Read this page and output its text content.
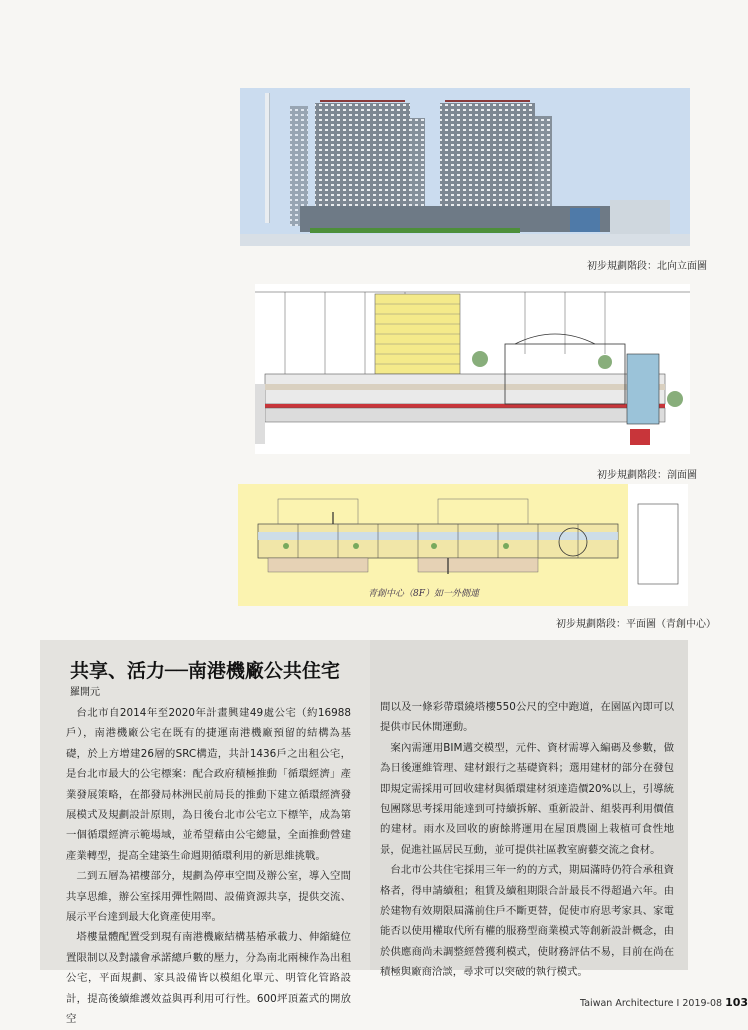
初步規劃階段：北向立面圖
初步規劃階段：剖面圖
青創中心（8F）如一外側連
初步規劃階段：平面圖（青創中心）
共享、活力──南港機廠公共住宅
羅開元

台北市自2014年至2020年計畫興建49處公宅（約16988戶），南港機廠公宅在既有的捷運南港機廠預留的結構為基礎，於上方增建26層的SRC構造，共計1436戶之出租公宅，是台北市最大的公宅標案：配合政府積極推動「循環經濟」產業發展策略，在都發局林洲民前局長的推動下建立循環經濟發展模式及規劃設計原則，為日後台北市公宅立下標竿，成為第一個循環經濟示範場域，並希望藉由公宅總量，全面推動營建產業轉型，提高全建築生命週期循環利用的新思維挑戰。

二到五層為裙樓部分，規劃為停車空間及辦公室，導入空間共享思維，辦公室採用彈性隔間、設備資源共享，提供交流、展示平台達到最大化資產使用率。

塔樓量體配置受到現有南港機廠結構基樁承載力、伸縮縫位置限制以及對議會承諾總戶數的壓力，分為南北兩棟作為出租公宅，平面規劃、家具設備皆以模組化單元、明管化管路設計，提高後續維護效益與再利用可行性。600坪頂蓋式的開放空

間以及一條彩帶環繞塔樓550公尺的空中跑道，在園區內即可以提供市民休閒運動。

案內需運用BIM邁交模型，元件、資材需導入編碼及參數，做為日後運維管理、建材銀行之基礎資料；選用建材的部分在發包即規定需採用可回收建材與循環建材須達造價20%以上，引導統包團隊思考採用能達到可持續拆解、重新設計、組裝再利用價值的建材。雨水及回收的廚餘將運用在屋頂農園上栽植可食性地景，促進社區居民互動，並可提供社區教室廚藝交流之食材。

台北市公共住宅採用三年一約的方式，期屆滿時仍符合承租資格者，得申請續租；租賃及續租期限合計最長不得超過六年。由於建物有效期限屆滿前住戶不斷更替，促使市府思考家具、家電能否以使用權取代所有權的服務型商業模式等創新設計概念，由於供應商尚未調整經營獲利模式，使財務評估不易，目前在尚在積極與廠商洽談，尋求可以突破的執行模式。

Taiwan Architecture I 2019-08 103
